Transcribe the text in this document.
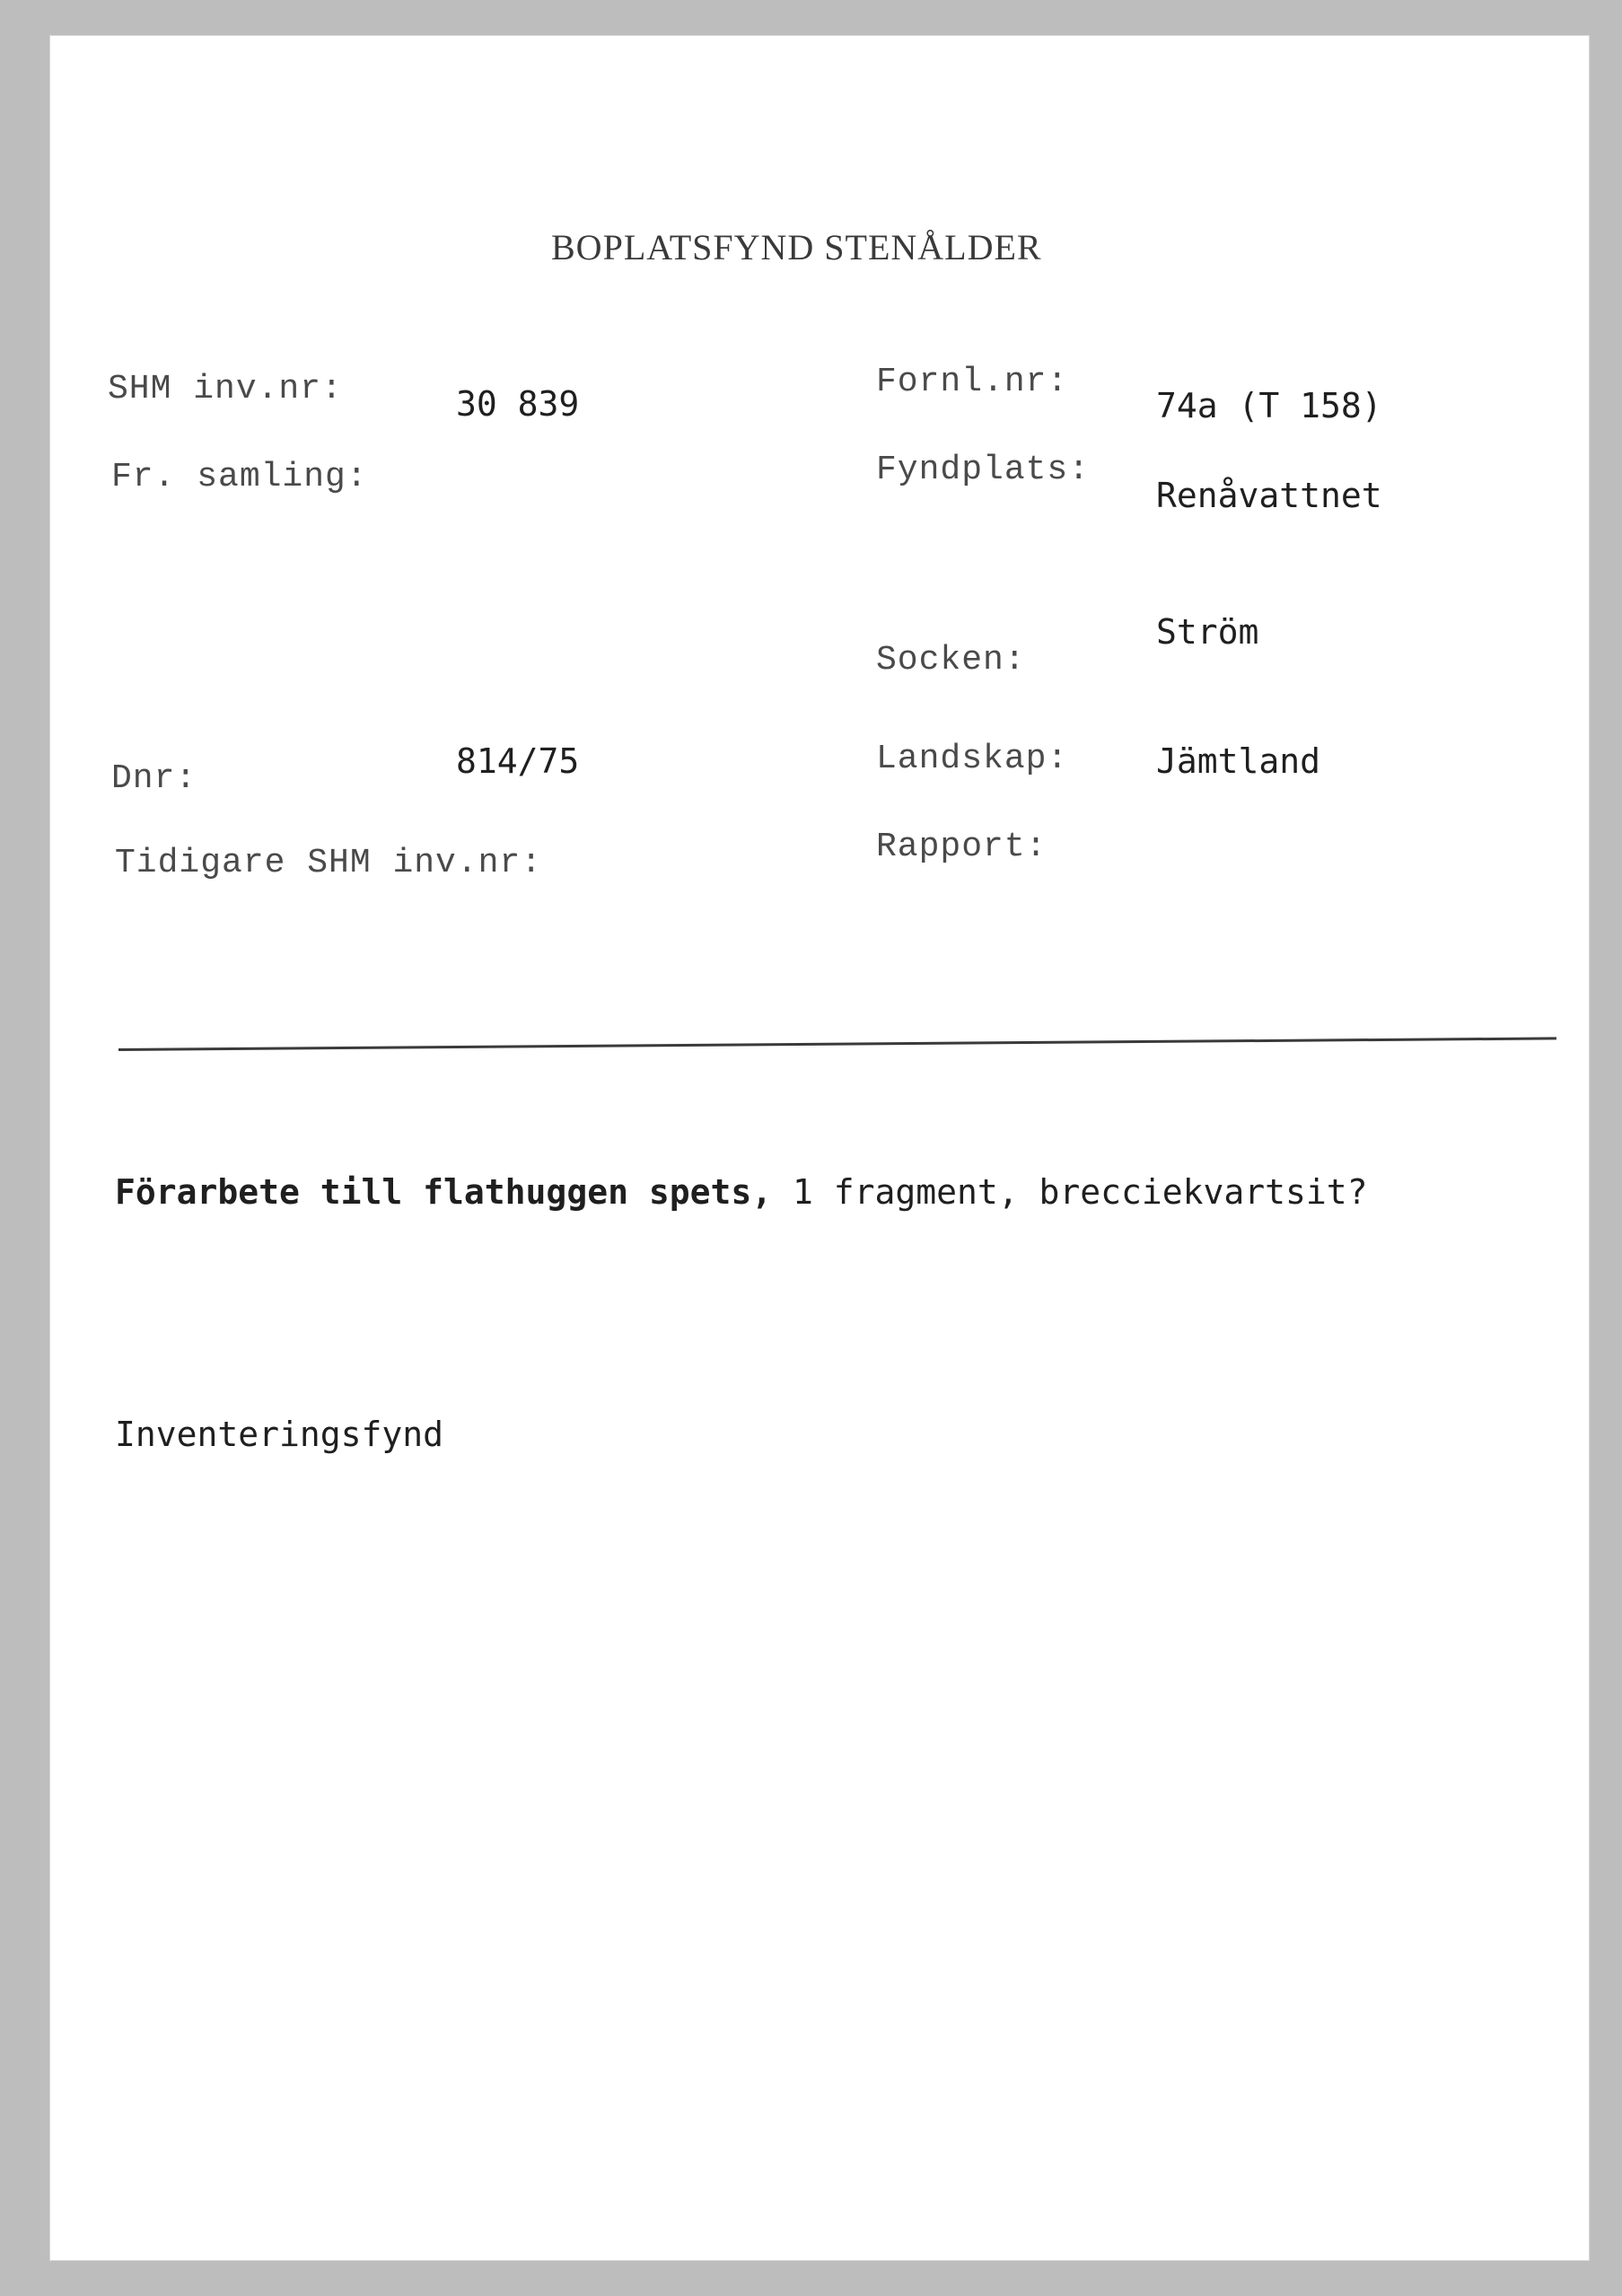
BOPLATSFYND STENÅLDER
SHM inv.nr:
Fr. samling:
Dnr:
Tidigare SHM inv.nr:
30 839
814/75
Fornl.nr:
Fyndplats:
Socken:
Landskap:
Rapport:
74a (T 158)
Renåvattnet
Ström
Jämtland
Förarbete till flathuggen spets, 1 fragment, brecciekvartsit?
Inventeringsfynd
